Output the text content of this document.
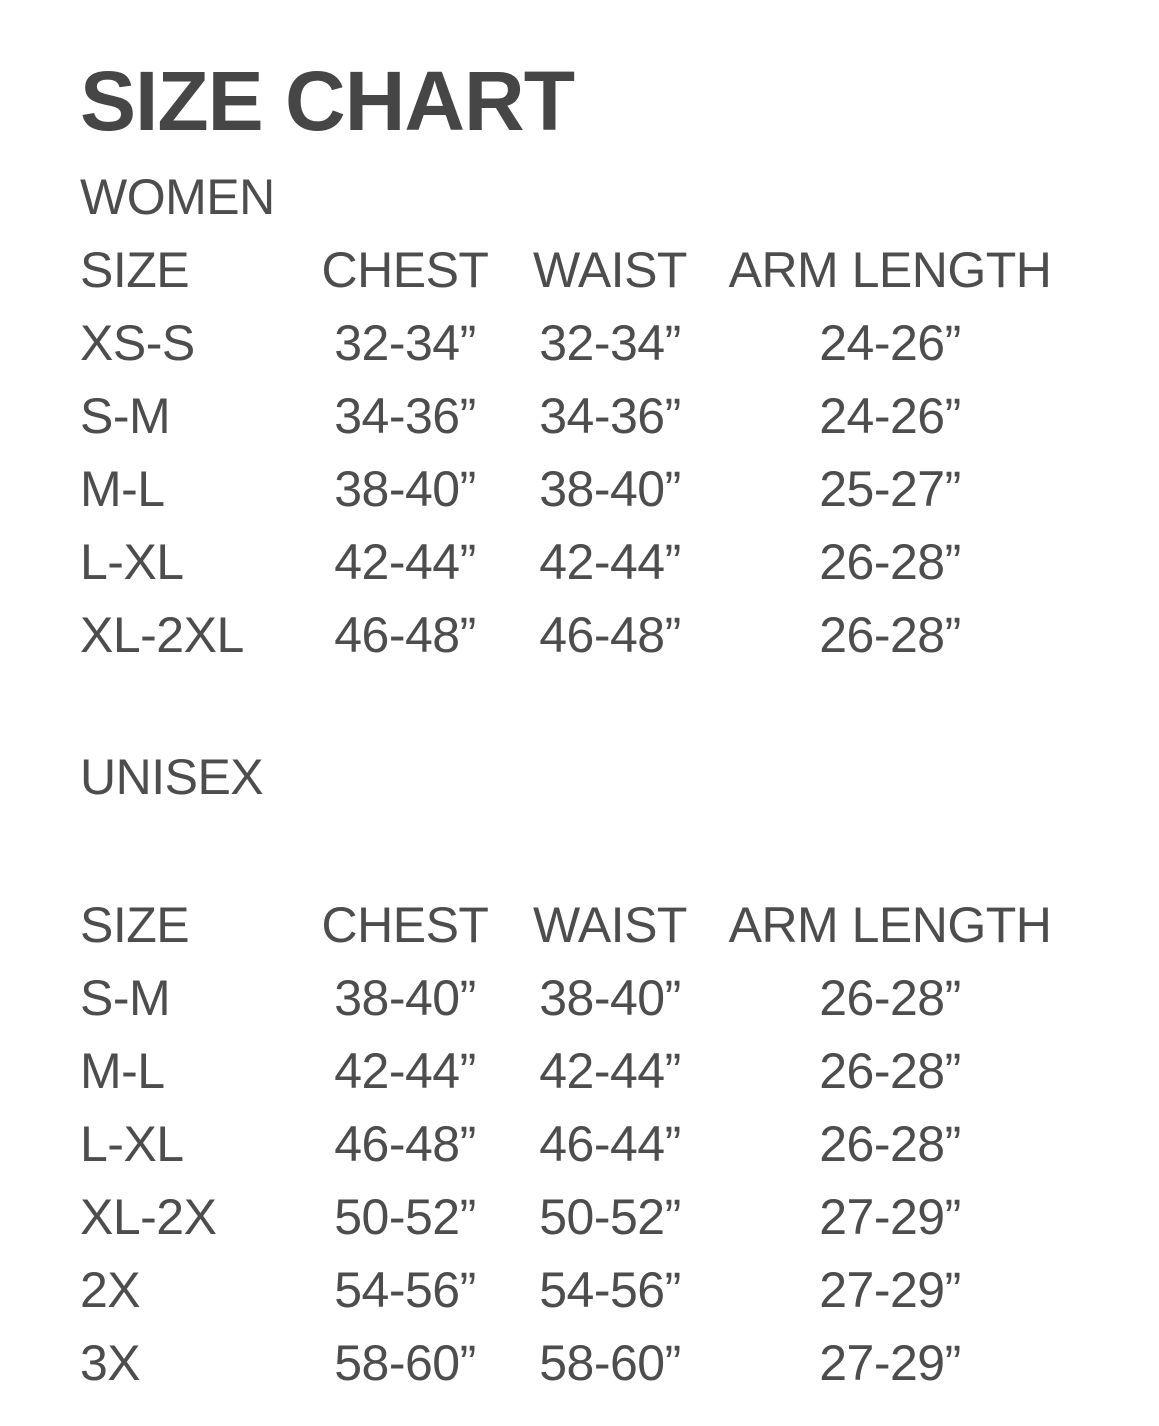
SIZE CHART
WOMEN
SIZE	CHEST WAIST ARM LENGTH
XS-S	32-34”	32-34”	24-26”
S-M	34-36”	34-36”	24-26”
M-L	38-40”	38-40”	25-27”
L-XL	42-44”	42-44”	26-28”
XL-2XL	46-48”	46-48”	26-28”
UNISEX
SIZE	CHEST WAIST ARM LENGTH
S-M	38-40”	38-40”	26-28”
M-L	42-44”	42-44”	26-28”
L-XL	46-48”	46-44”	26-28”
XL-2X	50-52”	50-52”	27-29”
2X	54-56”	54-56”	27-29”
3X	58-60”	58-60”	27-29”
